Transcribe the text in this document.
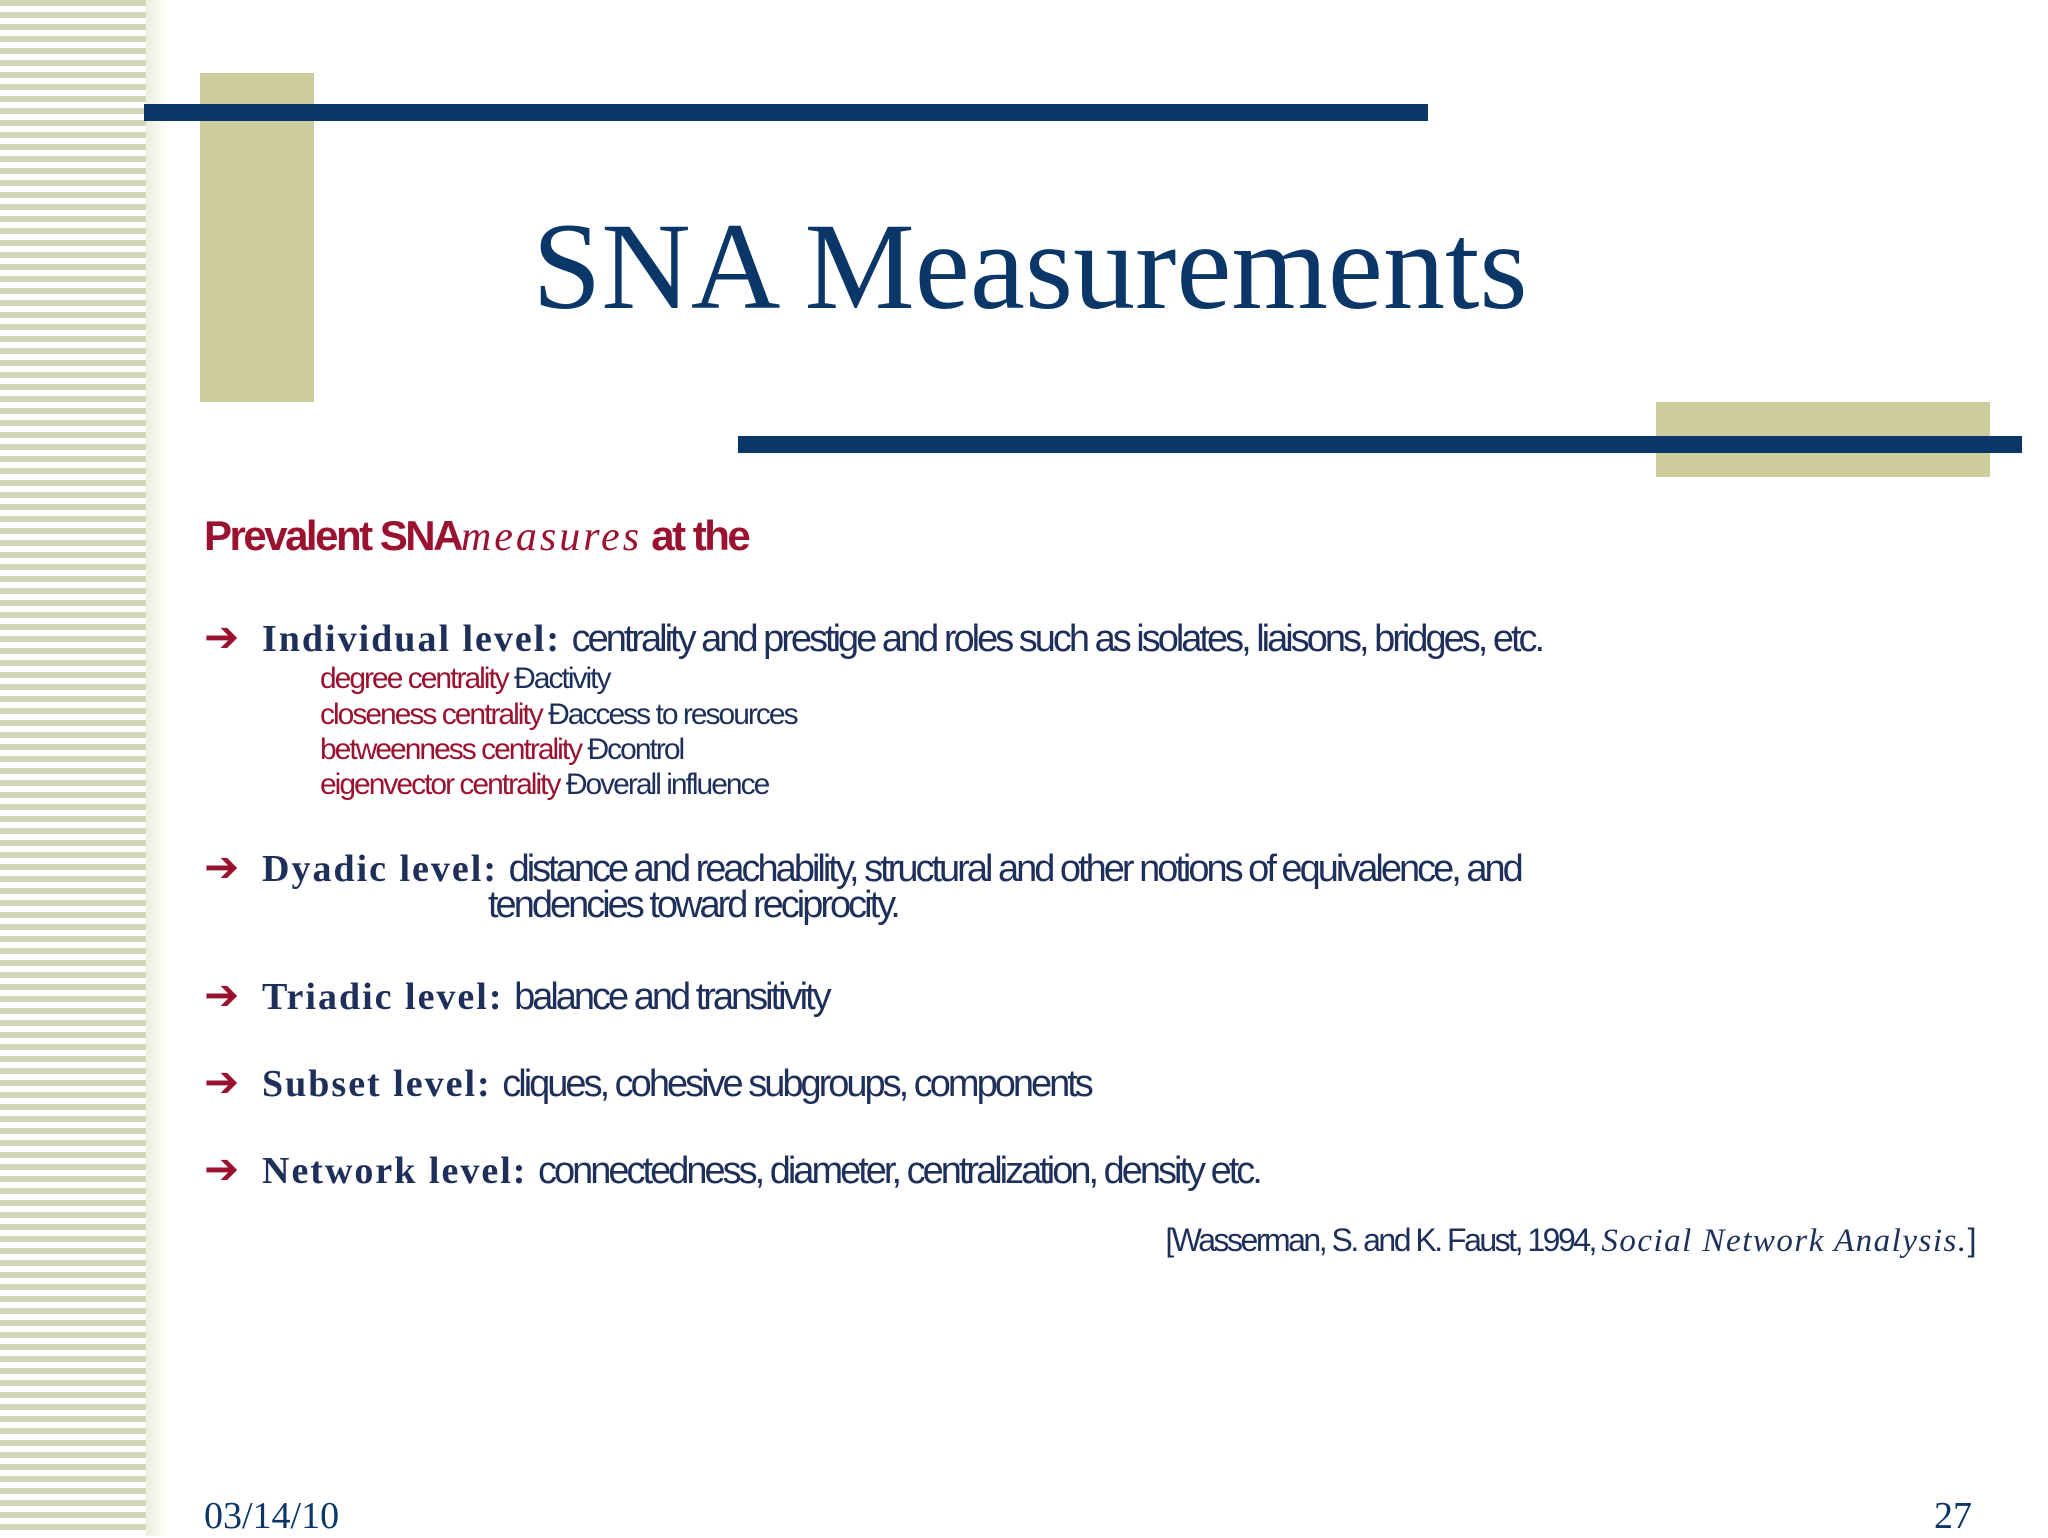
SNA Measurements
Prevalent SNAmeasures at the
➔ Individual level: centrality and prestige and roles such as isolates, liaisons, bridges, etc.
degree centrality Ðactivity
closeness centrality Ðaccess to resources
betweenness centrality Ðcontrol
eigenvector centrality Ðoverall influence
➔ Dyadic level: distance and reachability, structural and other notions of equivalence, and
tendencies toward reciprocity.
➔ Triadic level: balance and transitivity
➔ Subset level: cliques, cohesive subgroups, components
➔ Network level: connectedness, diameter, centralization, density etc.
[Wasserman, S. and K. Faust, 1994, Social Network Analysis.]
03/14/10	27
